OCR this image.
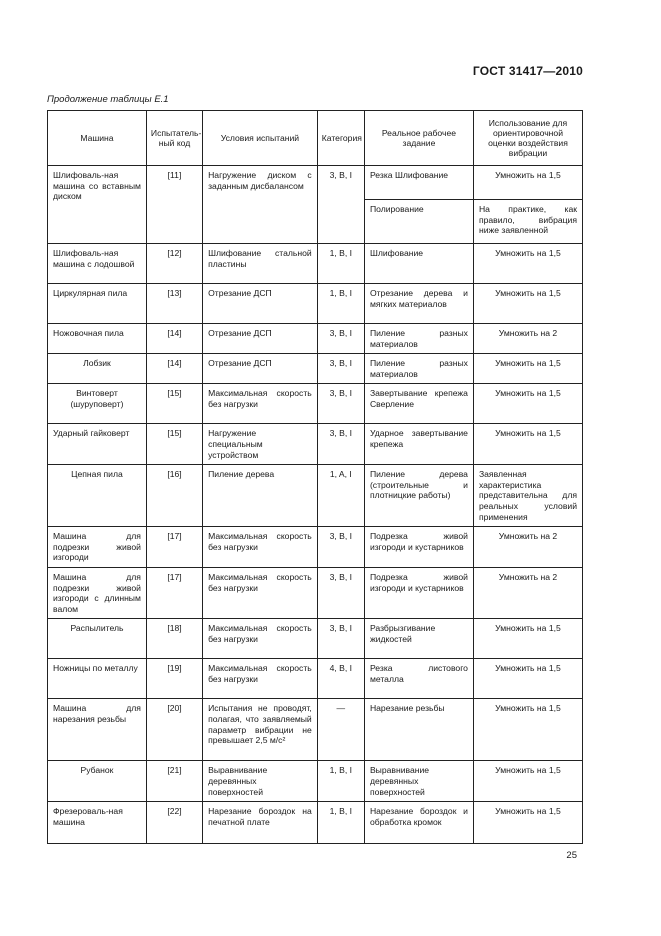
ГОСТ 31417—2010
Продолжение таблицы Е.1
Машина	Испытатель-ный код	Условия испытаний	Категория	Реальное рабочее задание	Использование для ориентировочной оценки воздействия вибрации
Шлифоваль-ная машина со вставным диском	[11]	Нагружение диском с заданным дисбалансом	3, B, I	Резка Шлифование	Умножить на 1,5
				Полирование	На практике, как правило, вибрация ниже заявленной
Шлифоваль-ная машина с лодошвой	[12]	Шлифование стальной пластины	1, B, I	Шлифование	Умножить на 1,5
Циркулярная пила	[13]	Отрезание ДСП	1, B, I	Отрезание дерева и мягких материалов	Умножить на 1,5
Ножовочная пила	[14]	Отрезание ДСП	3, B, I	Пиление разных материалов	Умножить на 2
Лобзик	[14]	Отрезание ДСП	3, B, I	Пиление разных материалов	Умножить на 1,5
Винтоверт (шуруповерт)	[15]	Максимальная скорость без нагрузки	3, B, I	Завертывание крепежа Сверление	Умножить на 1,5
Ударный гайковерт	[15]	Нагружение специальным устройством	3, B, I	Ударное завертывание крепежа	Умножить на 1,5
Цепная пила	[16]	Пиление дерева	1, A, I	Пиление дерева (строительные и плотницкие работы)	Заявленная характеристика представительна для реальных условий применения
Машина для подрезки живой изгороди	[17]	Максимальная скорость без нагрузки	3, B, I	Подрезка живой изгороди и кустарников	Умножить на 2
Машина для подрезки живой изгороди с длинным валом	[17]	Максимальная скорость без нагрузки	3, B, I	Подрезка живой изгороди и кустарников	Умножить на 2
Распылитель	[18]	Максимальная скорость без нагрузки	3, B, I	Разбрызгивание жидкостей	Умножить на 1,5
Ножницы по металлу	[19]	Максимальная скорость без нагрузки	4, B, I	Резка листового металла	Умножить на 1,5
Машина для нарезания резьбы	[20]	Испытания не проводят, полагая, что заявляемый параметр вибрации не превышает 2,5 м/с²	—	Нарезание резьбы	Умножить на 1,5
Рубанок	[21]	Выравнивание деревянных поверхностей	1, B, I	Выравнивание деревянных поверхностей	Умножить на 1,5
Фрезероваль-ная машина	[22]	Нарезание бороздок на печатной плате	1, B, I	Нарезание бороздок и обработка кромок	Умножить на 1,5
25
